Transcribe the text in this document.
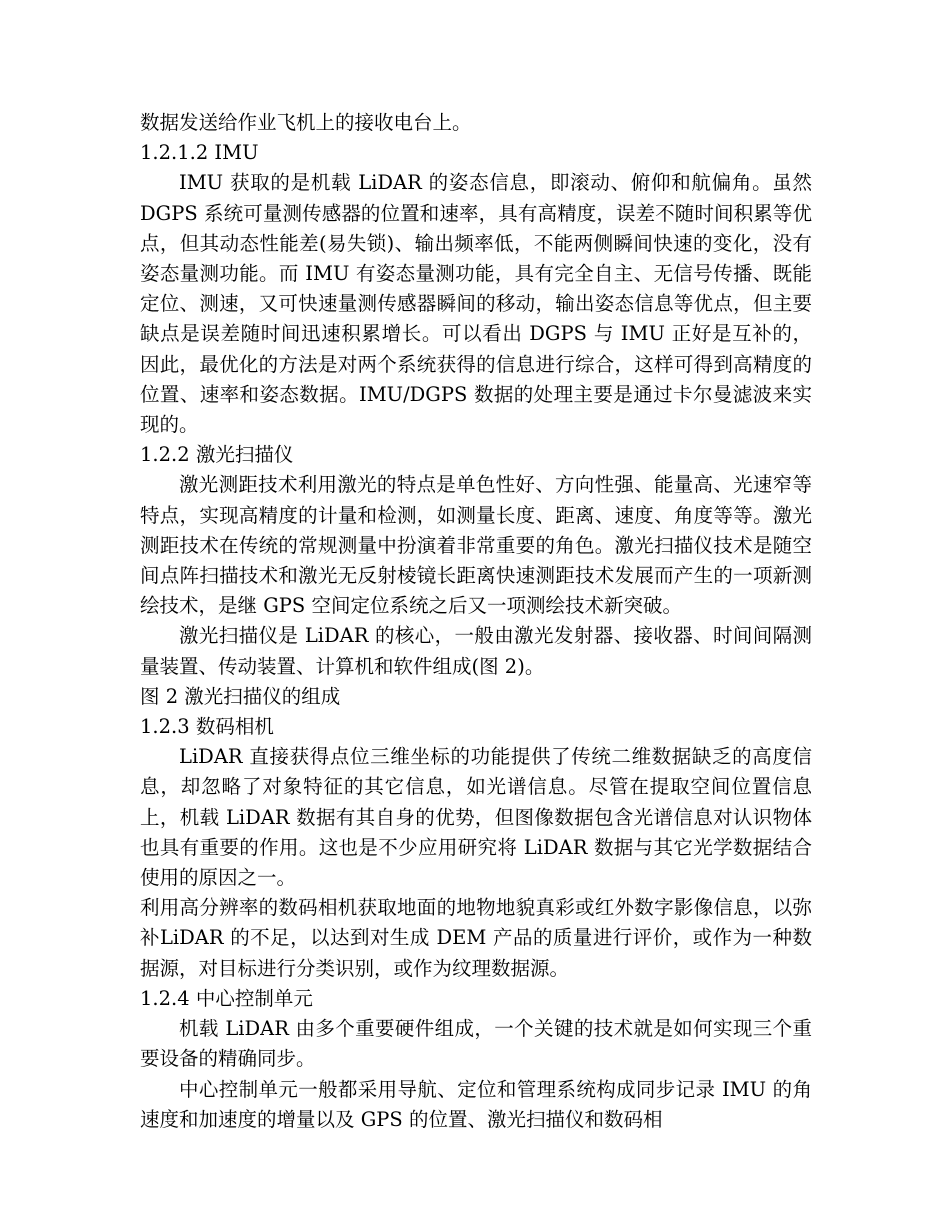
数据发送给作业飞机上的接收电台上。

1.2.1.2 IMU

IMU 获取的是机载 LiDAR 的姿态信息，即滚动、俯仰和航偏角。虽然 DGPS 系统可量测传感器的位置和速率，具有高精度，误差不随时间积累等优点，但其动态性能差(易失锁)、输出频率低，不能两侧瞬间快速的变化，没有姿态量测功能。而 IMU 有姿态量测功能，具有完全自主、无信号传播、既能定位、测速，又可快速量测传感器瞬间的移动，输出姿态信息等优点，但主要缺点是误差随时间迅速积累增长。可以看出 DGPS 与 IMU 正好是互补的，因此，最优化的方法是对两个系统获得的信息进行综合，这样可得到高精度的位置、速率和姿态数据。IMU/DGPS 数据的处理主要是通过卡尔曼滤波来实现的。

1.2.2 激光扫描仪

激光测距技术利用激光的特点是单色性好、方向性强、能量高、光速窄等特点，实现高精度的计量和检测，如测量长度、距离、速度、角度等等。激光测距技术在传统的常规测量中扮演着非常重要的角色。激光扫描仪技术是随空间点阵扫描技术和激光无反射棱镜长距离快速测距技术发展而产生的一项新测绘技术，是继 GPS 空间定位系统之后又一项测绘技术新突破。

激光扫描仪是 LiDAR 的核心，一般由激光发射器、接收器、时间间隔测量装置、传动装置、计算机和软件组成(图 2)。

图 2 激光扫描仪的组成

1.2.3 数码相机

LiDAR 直接获得点位三维坐标的功能提供了传统二维数据缺乏的高度信息，却忽略了对象特征的其它信息，如光谱信息。尽管在提取空间位置信息上，机载 LiDAR 数据有其自身的优势，但图像数据包含光谱信息对认识物体也具有重要的作用。这也是不少应用研究将 LiDAR 数据与其它光学数据结合使用的原因之一。

利用高分辨率的数码相机获取地面的地物地貌真彩或红外数字影像信息，以弥补LiDAR 的不足，以达到对生成 DEM 产品的质量进行评价，或作为一种数据源，对目标进行分类识别，或作为纹理数据源。

1.2.4 中心控制单元

机载 LiDAR 由多个重要硬件组成，一个关键的技术就是如何实现三个重要设备的精确同步。

中心控制单元一般都采用导航、定位和管理系统构成同步记录 IMU 的角速度和加速度的增量以及 GPS 的位置、激光扫描仪和数码相
